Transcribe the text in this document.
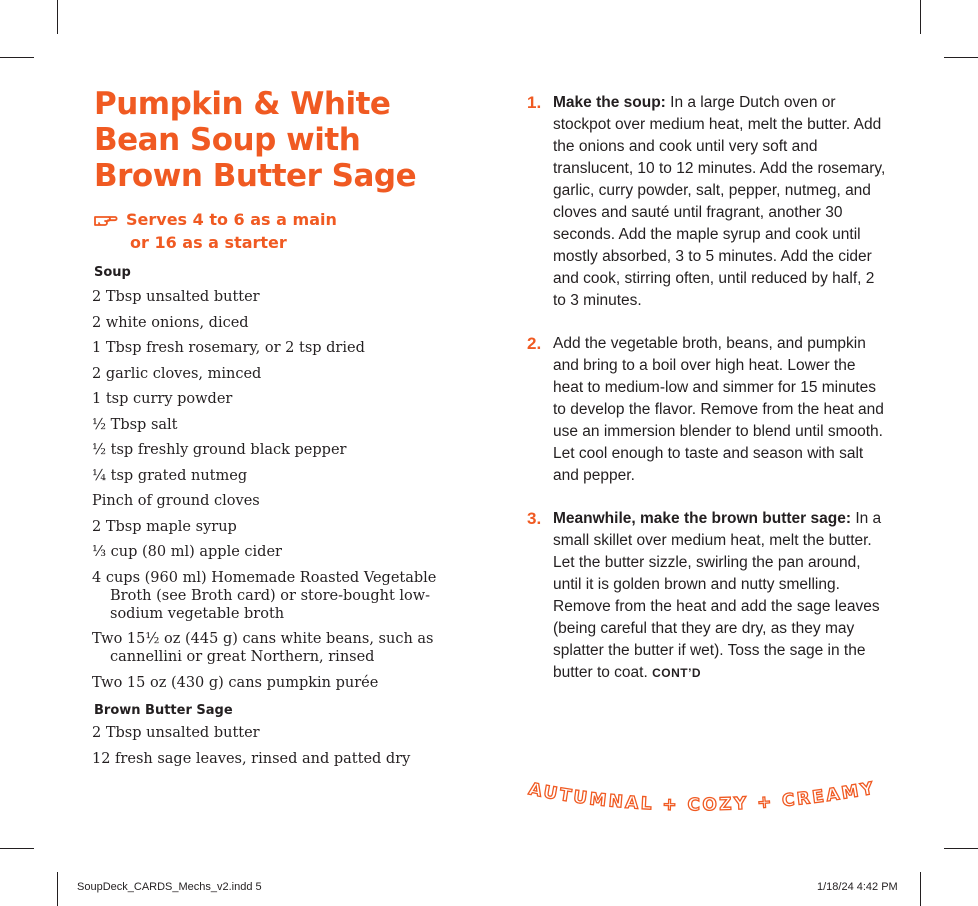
Pumpkin & White
Bean Soup with
Brown Butter Sage
Serves 4 to 6 as a main
or 16 as a starter
Soup
2 Tbsp unsalted butter
2 white onions, diced
1 Tbsp fresh rosemary, or 2 tsp dried
2 garlic cloves, minced
1 tsp curry powder
½ Tbsp salt
½ tsp freshly ground black pepper
¼ tsp grated nutmeg
Pinch of ground cloves
2 Tbsp maple syrup
⅓ cup (80 ml) apple cider
4 cups (960 ml) Homemade Roasted Vegetable Broth (see Broth card) or store-bought low-sodium vegetable broth
Two 15½ oz (445 g) cans white beans, such as cannellini or great Northern, rinsed
Two 15 oz (430 g) cans pumpkin purée
Brown Butter Sage
2 Tbsp unsalted butter
12 fresh sage leaves, rinsed and patted dry
1. Make the soup: In a large Dutch oven or stockpot over medium heat, melt the butter. Add the onions and cook until very soft and translucent, 10 to 12 minutes. Add the rosemary, garlic, curry powder, salt, pepper, nutmeg, and cloves and sauté until fragrant, another 30 seconds. Add the maple syrup and cook until mostly absorbed, 3 to 5 minutes. Add the cider and cook, stirring often, until reduced by half, 2 to 3 minutes.
2. Add the vegetable broth, beans, and pumpkin and bring to a boil over high heat. Lower the heat to medium-low and simmer for 15 minutes to develop the flavor. Remove from the heat and use an immersion blender to blend until smooth. Let cool enough to taste and season with salt and pepper.
3. Meanwhile, make the brown butter sage: In a small skillet over medium heat, melt the butter. Let the butter sizzle, swirling the pan around, until it is golden brown and nutty smelling. Remove from the heat and add the sage leaves (being careful that they are dry, as they may splatter the butter if wet). Toss the sage in the butter to coat. CONT’D
AUTUMNAL + COZY + CREAMY
SoupDeck_CARDS_Mechs_v2.indd 5	1/18/24 4:42 PM
